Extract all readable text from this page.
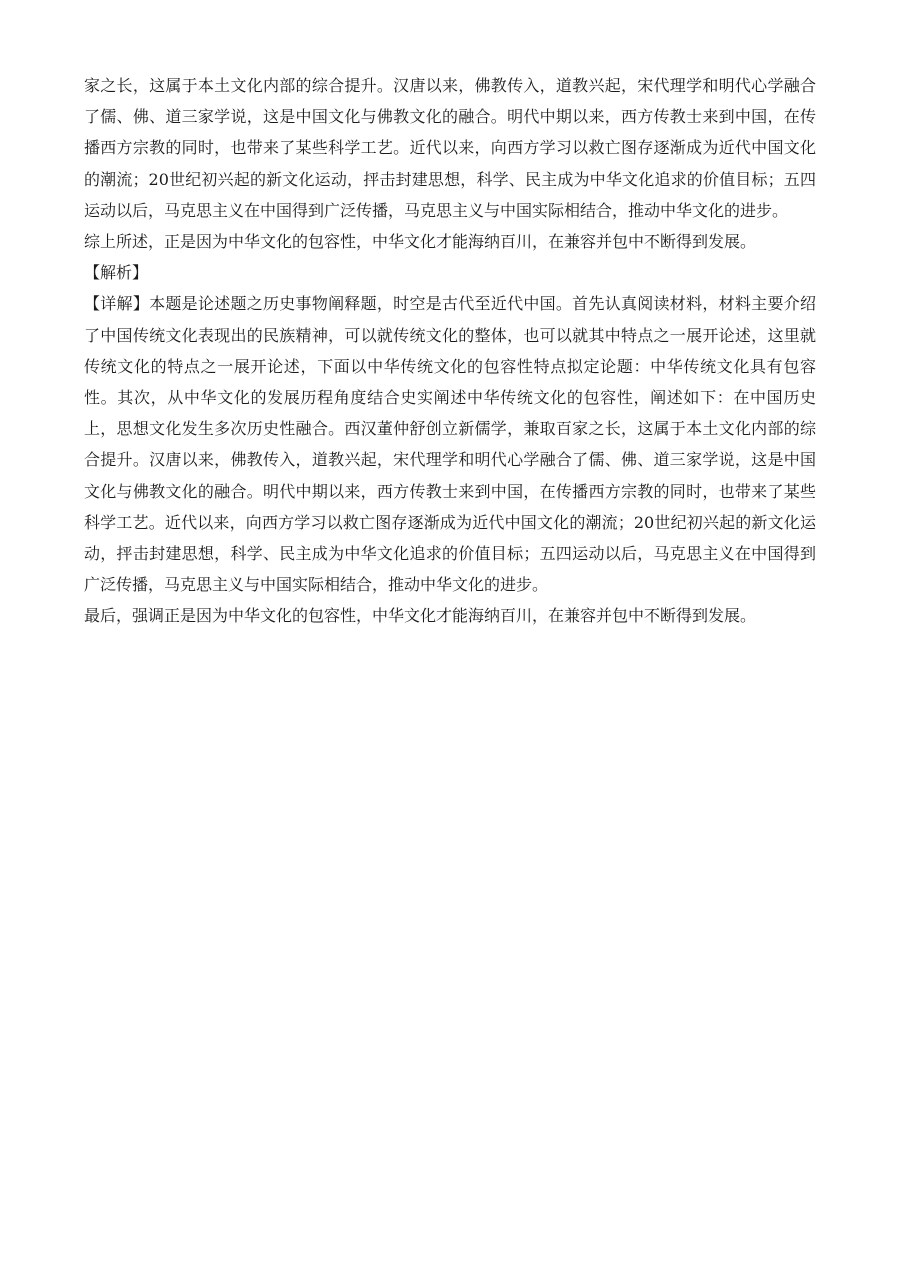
家之长，这属于本土文化内部的综合提升。汉唐以来，佛教传入，道教兴起，宋代理学和明代心学融合了儒、佛、道三家学说，这是中国文化与佛教文化的融合。明代中期以来，西方传教士来到中国，在传播西方宗教的同时，也带来了某些科学工艺。近代以来，向西方学习以救亡图存逐渐成为近代中国文化的潮流；20世纪初兴起的新文化运动，抨击封建思想，科学、民主成为中华文化追求的价值目标；五四运动以后，马克思主义在中国得到广泛传播，马克思主义与中国实际相结合，推动中华文化的进步。

综上所述，正是因为中华文化的包容性，中华文化才能海纳百川，在兼容并包中不断得到发展。

【解析】

【详解】本题是论述题之历史事物阐释题，时空是古代至近代中国。首先认真阅读材料，材料主要介绍了中国传统文化表现出的民族精神，可以就传统文化的整体，也可以就其中特点之一展开论述，这里就传统文化的特点之一展开论述，下面以中华传统文化的包容性特点拟定论题：中华传统文化具有包容性。其次，从中华文化的发展历程角度结合史实阐述中华传统文化的包容性，阐述如下：在中国历史上，思想文化发生多次历史性融合。西汉董仲舒创立新儒学，兼取百家之长，这属于本土文化内部的综合提升。汉唐以来，佛教传入，道教兴起，宋代理学和明代心学融合了儒、佛、道三家学说，这是中国文化与佛教文化的融合。明代中期以来，西方传教士来到中国，在传播西方宗教的同时，也带来了某些科学工艺。近代以来，向西方学习以救亡图存逐渐成为近代中国文化的潮流；20世纪初兴起的新文化运动，抨击封建思想，科学、民主成为中华文化追求的价值目标；五四运动以后，马克思主义在中国得到广泛传播，马克思主义与中国实际相结合，推动中华文化的进步。

最后，强调正是因为中华文化的包容性，中华文化才能海纳百川，在兼容并包中不断得到发展。
